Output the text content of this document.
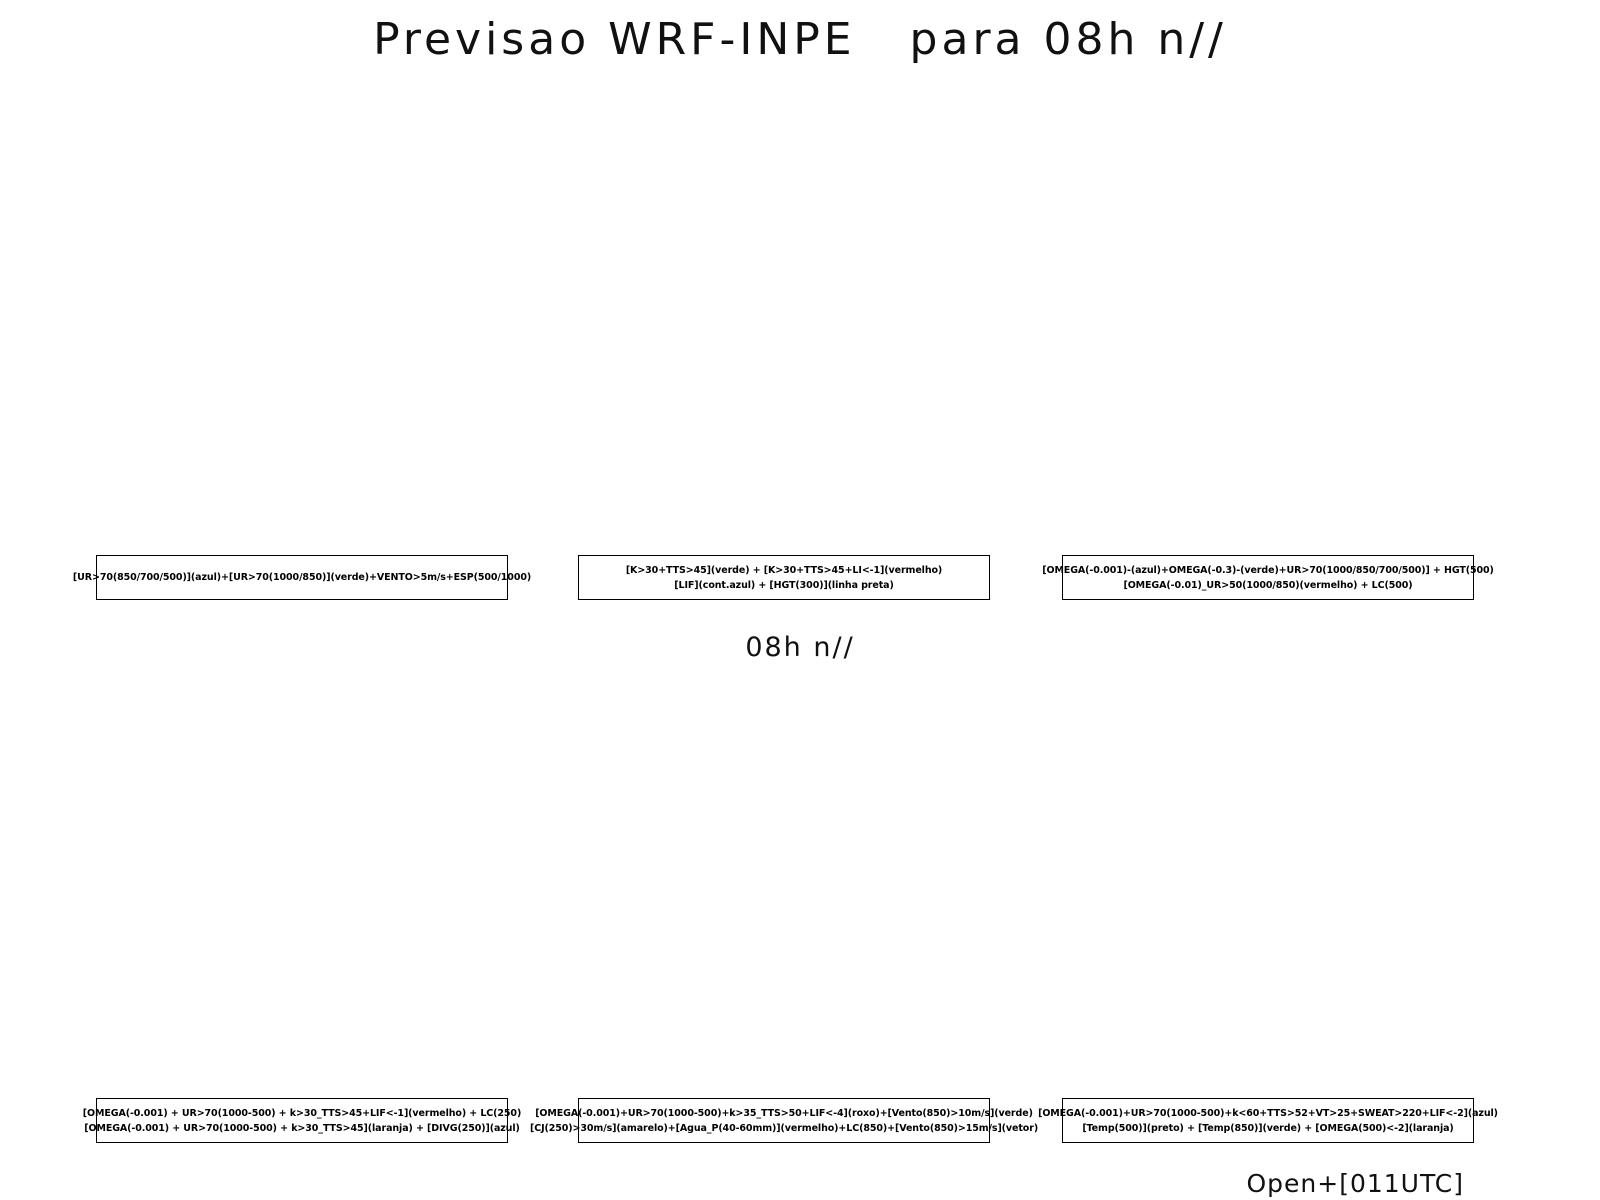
Previsao WRF-INPE   para 08h n//
[UR>70(850/700/500)](azul)+[UR>70(1000/850)](verde)+VENTO>5m/s+ESP(500/1000)
[K>30+TTS>45](verde) + [K>30+TTS>45+LI<-1](vermelho)
[LIF](cont.azul) + [HGT(300)](linha preta)
[OMEGA(-0.001)-(azul)+OMEGA(-0.3)-(verde)+UR>70(1000/850/700/500)] + HGT(500)
[OMEGA(-0.01)_UR>50(1000/850)(vermelho) + LC(500)
08h n//
[OMEGA(-0.001) + UR>70(1000-500) + k>30_TTS>45+LIF<-1](vermelho) + LC(250)
[OMEGA(-0.001) + UR>70(1000-500) + k>30_TTS>45](laranja) + [DIVG(250)](azul)
[OMEGA(-0.001)+UR>70(1000-500)+k>35_TTS>50+LIF<-4](roxo)+[Vento(850)>10m/s](verde)
[CJ(250)>30m/s](amarelo)+[Agua_P(40-60mm)](vermelho)+LC(850)+[Vento(850)>15m/s](vetor)
[OMEGA(-0.001)+UR>70(1000-500)+k<60+TTS>52+VT>25+SWEAT>220+LIF<-2](azul)
[Temp(500)](preto) + [Temp(850)](verde) + [OMEGA(500)<-2](laranja)
Open+[011UTC]
